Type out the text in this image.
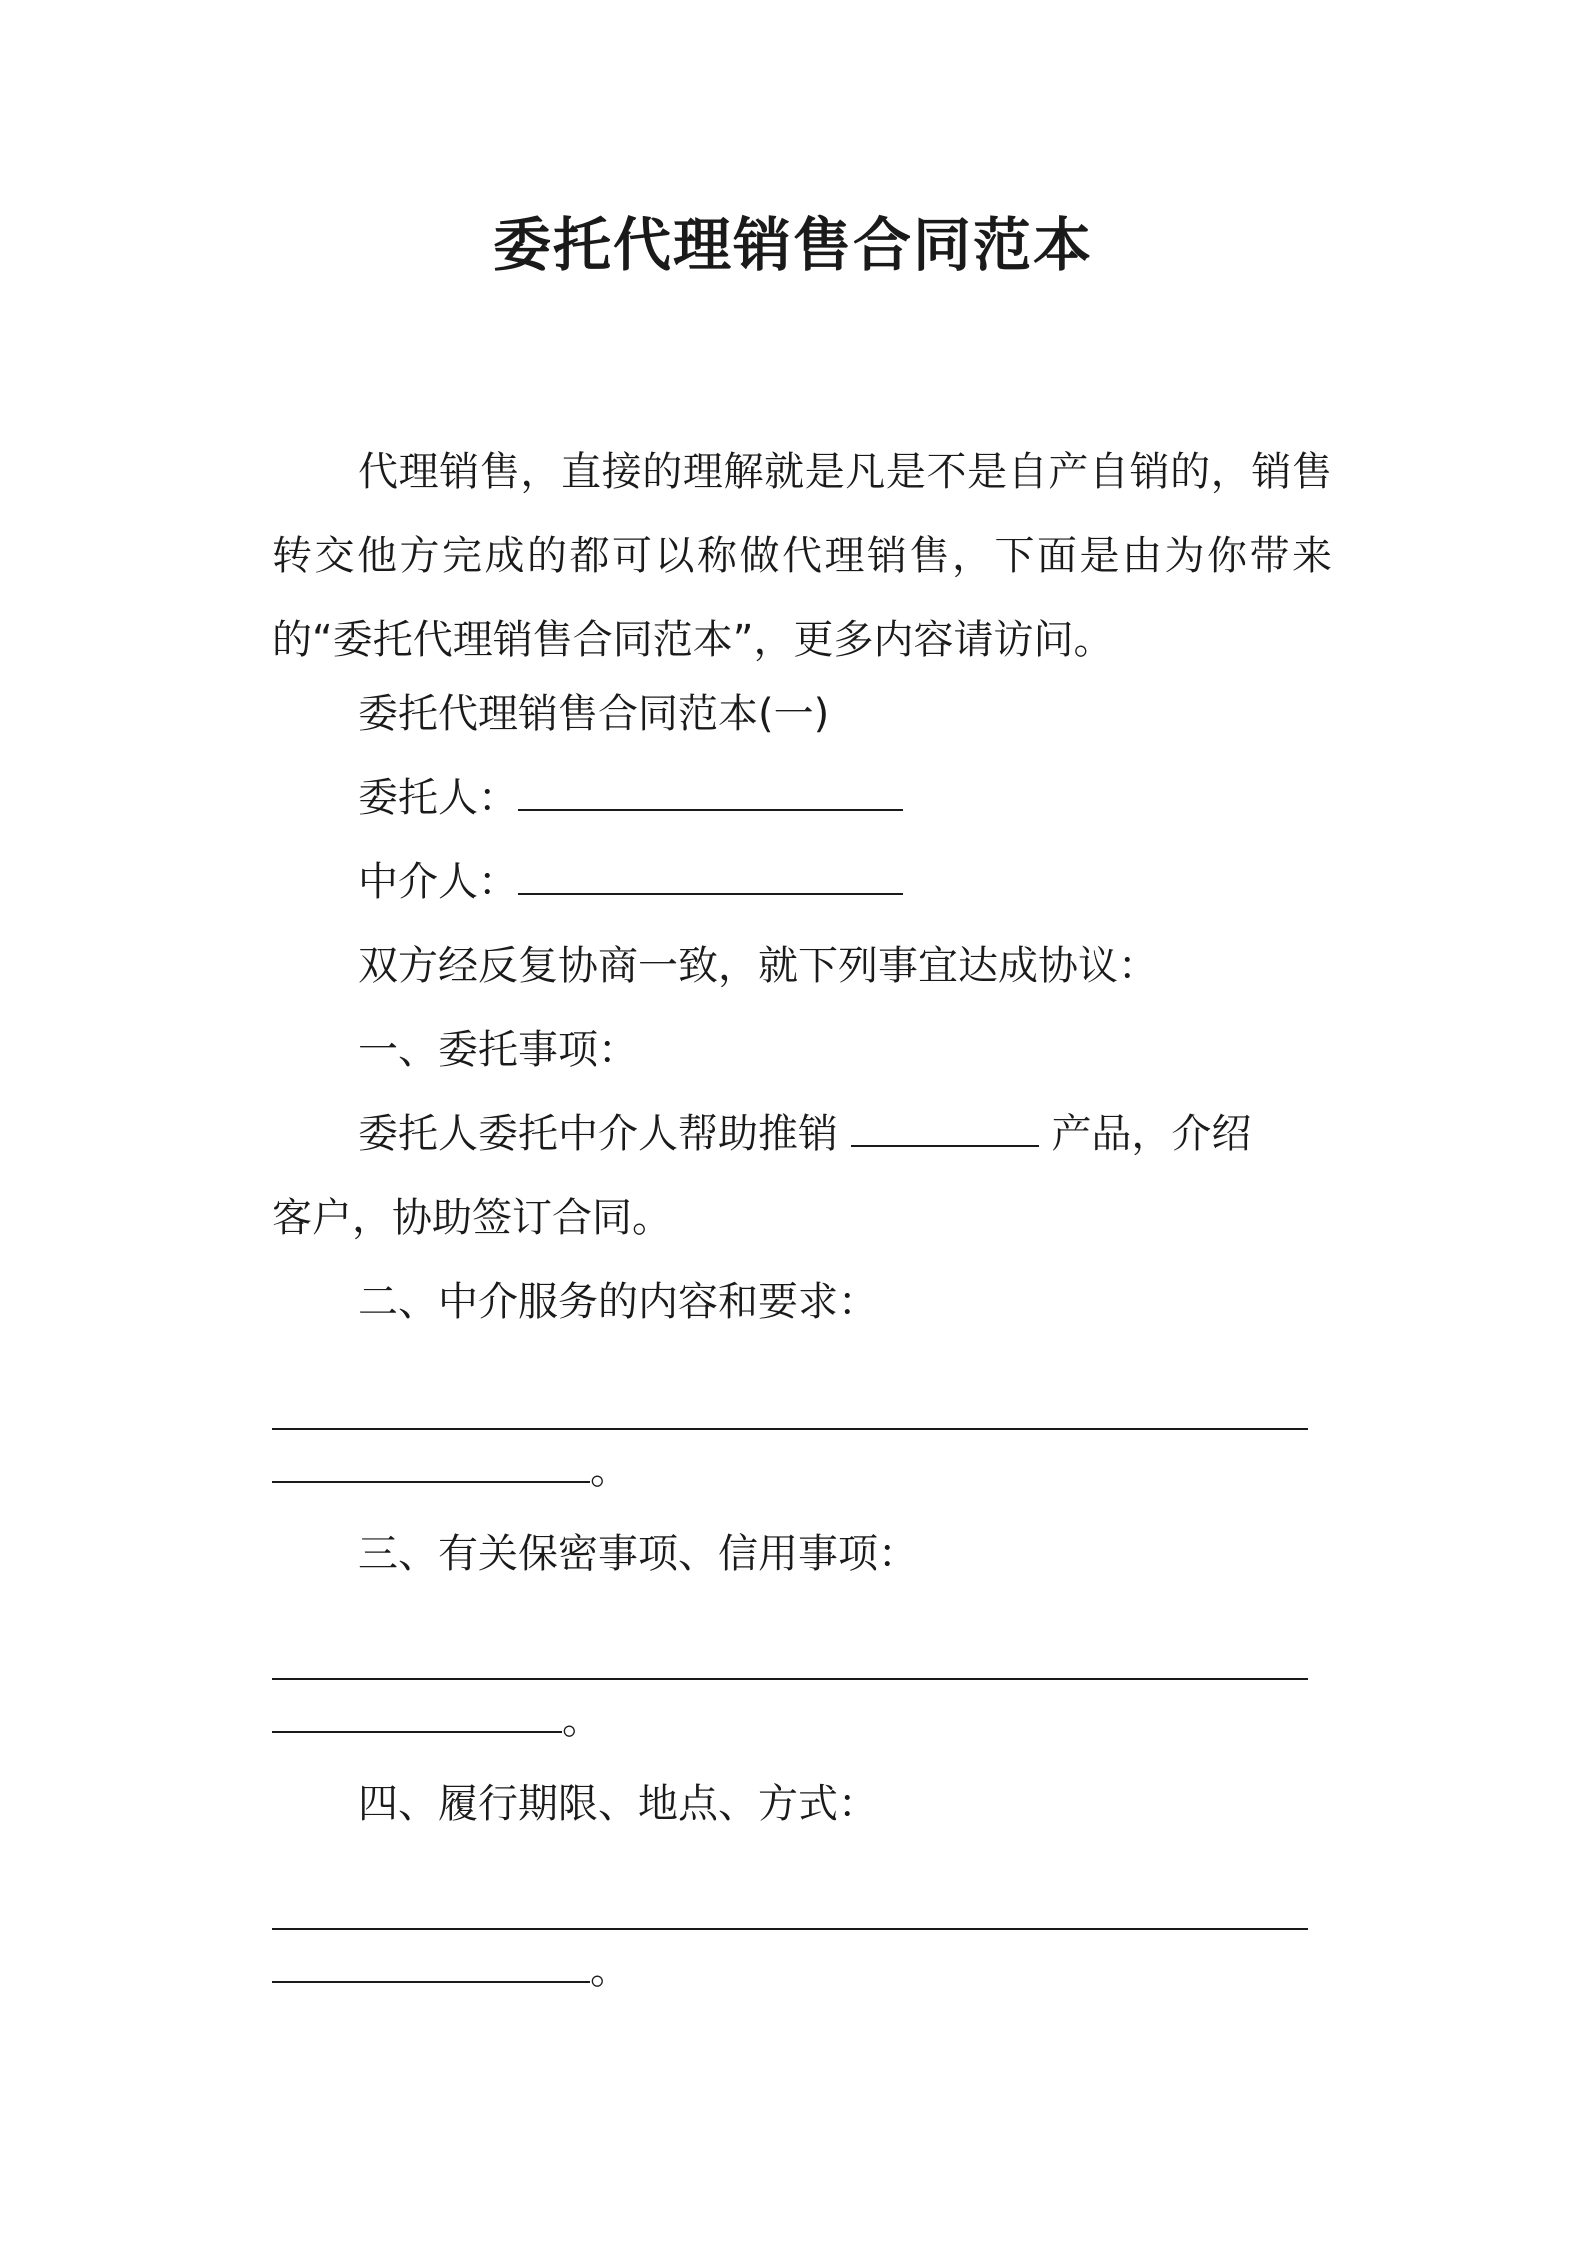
委托代理销售合同范本

代理销售，直接的理解就是凡是不是自产自销的，销售转交他方完成的都可以称做代理销售，下面是由为你带来的“委托代理销售合同范本”，更多内容请访问。

委托代理销售合同范本(一)

委托人：

中介人：

双方经反复协商一致，就下列事宜达成协议：

一、委托事项：

委托人委托中介人帮助推销	产品，介绍

客户，协助签订合同。

二、中介服务的内容和要求：

。

三、有关保密事项、信用事项：

。

四、履行期限、地点、方式：

。
